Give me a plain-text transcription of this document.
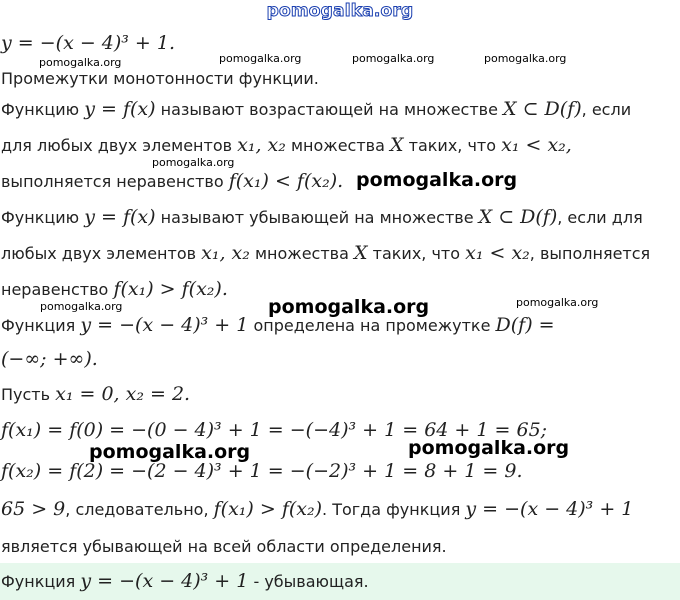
pomogalka.org
y = −(x − 4)³ + 1.
Промежутки монотонности функции.
Функцию y = f(x) называют возрастающей на множестве X ⊂ D(f), если
для любых двух элементов x₁, x₂ множества X таких, что x₁ < x₂,
выполняется неравенство f(x₁) < f(x₂).
Функцию y = f(x) называют убывающей на множестве X ⊂ D(f), если для
любых двух элементов x₁, x₂ множества X таких, что x₁ < x₂, выполняется
неравенство f(x₁) > f(x₂).
Функция y = −(x − 4)³ + 1 определена на промежутке D(f) =
(−∞; +∞).
Пусть x₁ = 0, x₂ = 2.
f(x₁) = f(0) = −(0 − 4)³ + 1 = −(−4)³ + 1 = 64 + 1 = 65;
f(x₂) = f(2) = −(2 − 4)³ + 1 = −(−2)³ + 1 = 8 + 1 = 9.
65 > 9, следовательно, f(x₁) > f(x₂). Тогда функция y = −(x − 4)³ + 1
является убывающей на всей области определения.
Функция y = −(x − 4)³ + 1 - убывающая.
pomogalka.org	pomogalka.org	pomogalka.org	pomogalka.org
pomogalka.org
pomogalka.org
pomogalka.org	pomogalka.org	pomogalka.org
pomogalka.org	pomogalka.org
